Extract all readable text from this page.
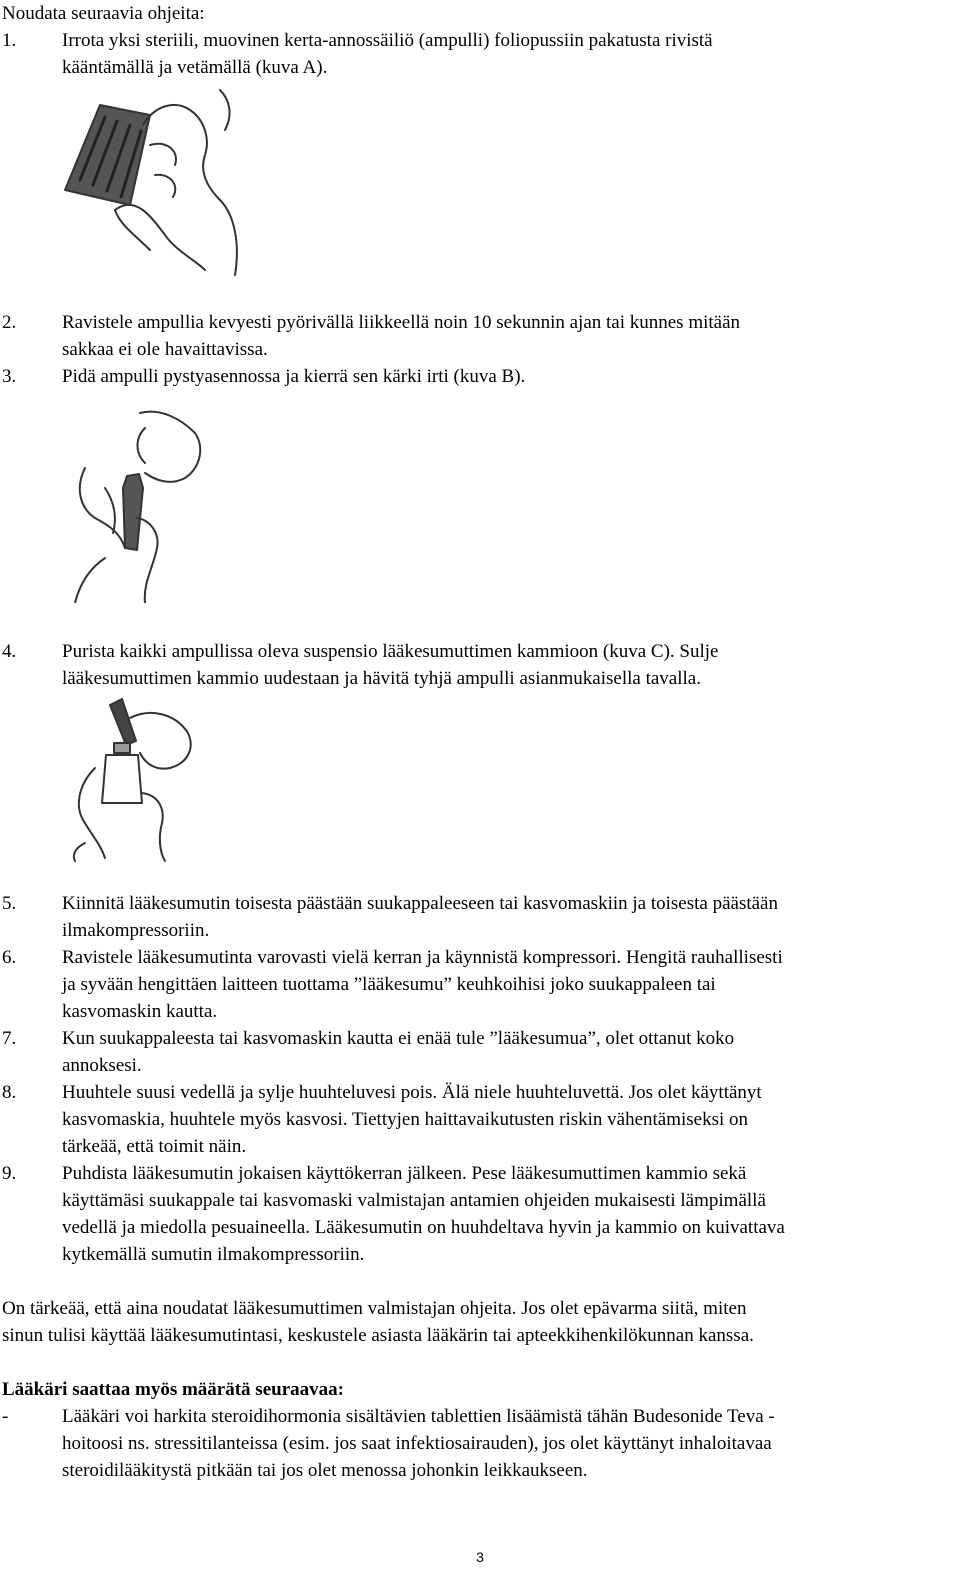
Noudata seuraavia ohjeita:
1. Irrota yksi steriili, muovinen kerta-annossäiliö (ampulli) foliopussiin pakatusta rivistä
kääntämällä ja vetämällä (kuva A).
2. Ravistele ampullia kevyesti pyörivällä liikkeellä noin 10 sekunnin ajan tai kunnes mitään
sakkaa ei ole havaittavissa.
3. Pidä ampulli pystyasennossa ja kierrä sen kärki irti (kuva B).
4. Purista kaikki ampullissa oleva suspensio lääkesumuttimen kammioon (kuva C). Sulje
lääkesumuttimen kammio uudestaan ja hävitä tyhjä ampulli asianmukaisella tavalla.
5. Kiinnitä lääkesumutin toisesta päästään suukappaleeseen tai kasvomaskiin ja toisesta päästään
ilmakompressoriin.
6. Ravistele lääkesumutinta varovasti vielä kerran ja käynnistä kompressori. Hengitä rauhallisesti
ja syvään hengittäen laitteen tuottama ”lääkesumu” keuhkoihisi joko suukappaleen tai
kasvomaskin kautta.
7. Kun suukappaleesta tai kasvomaskin kautta ei enää tule ”lääkesumua”, olet ottanut koko
annoksesi.
8. Huuhtele suusi vedellä ja sylje huuhteluvesi pois. Älä niele huuhteluvettä. Jos olet käyttänyt
kasvomaskia, huuhtele myös kasvosi. Tiettyjen haittavaikutusten riskin vähentämiseksi on
tärkeää, että toimit näin.
9. Puhdista lääkesumutin jokaisen käyttökerran jälkeen. Pese lääkesumuttimen kammio sekä
käyttämäsi suukappale tai kasvomaski valmistajan antamien ohjeiden mukaisesti lämpimällä
vedellä ja miedolla pesuaineella. Lääkesumutin on huuhdeltava hyvin ja kammio on kuivattava
kytkemällä sumutin ilmakompressoriin.
On tärkeää, että aina noudatat lääkesumuttimen valmistajan ohjeita. Jos olet epävarma siitä, miten
sinun tulisi käyttää lääkesumutintasi, keskustele asiasta lääkärin tai apteekkihenkilökunnan kanssa.
Lääkäri saattaa myös määrätä seuraavaa:
-	Lääkäri voi harkita steroidihormonia sisältävien tablettien lisäämistä tähän Budesonide Teva -
hoitoosi ns. stressitilanteissa (esim. jos saat infektiosairauden), jos olet käyttänyt inhaloitavaa
steroidilääkitystä pitkään tai jos olet menossa johonkin leikkaukseen.
3
